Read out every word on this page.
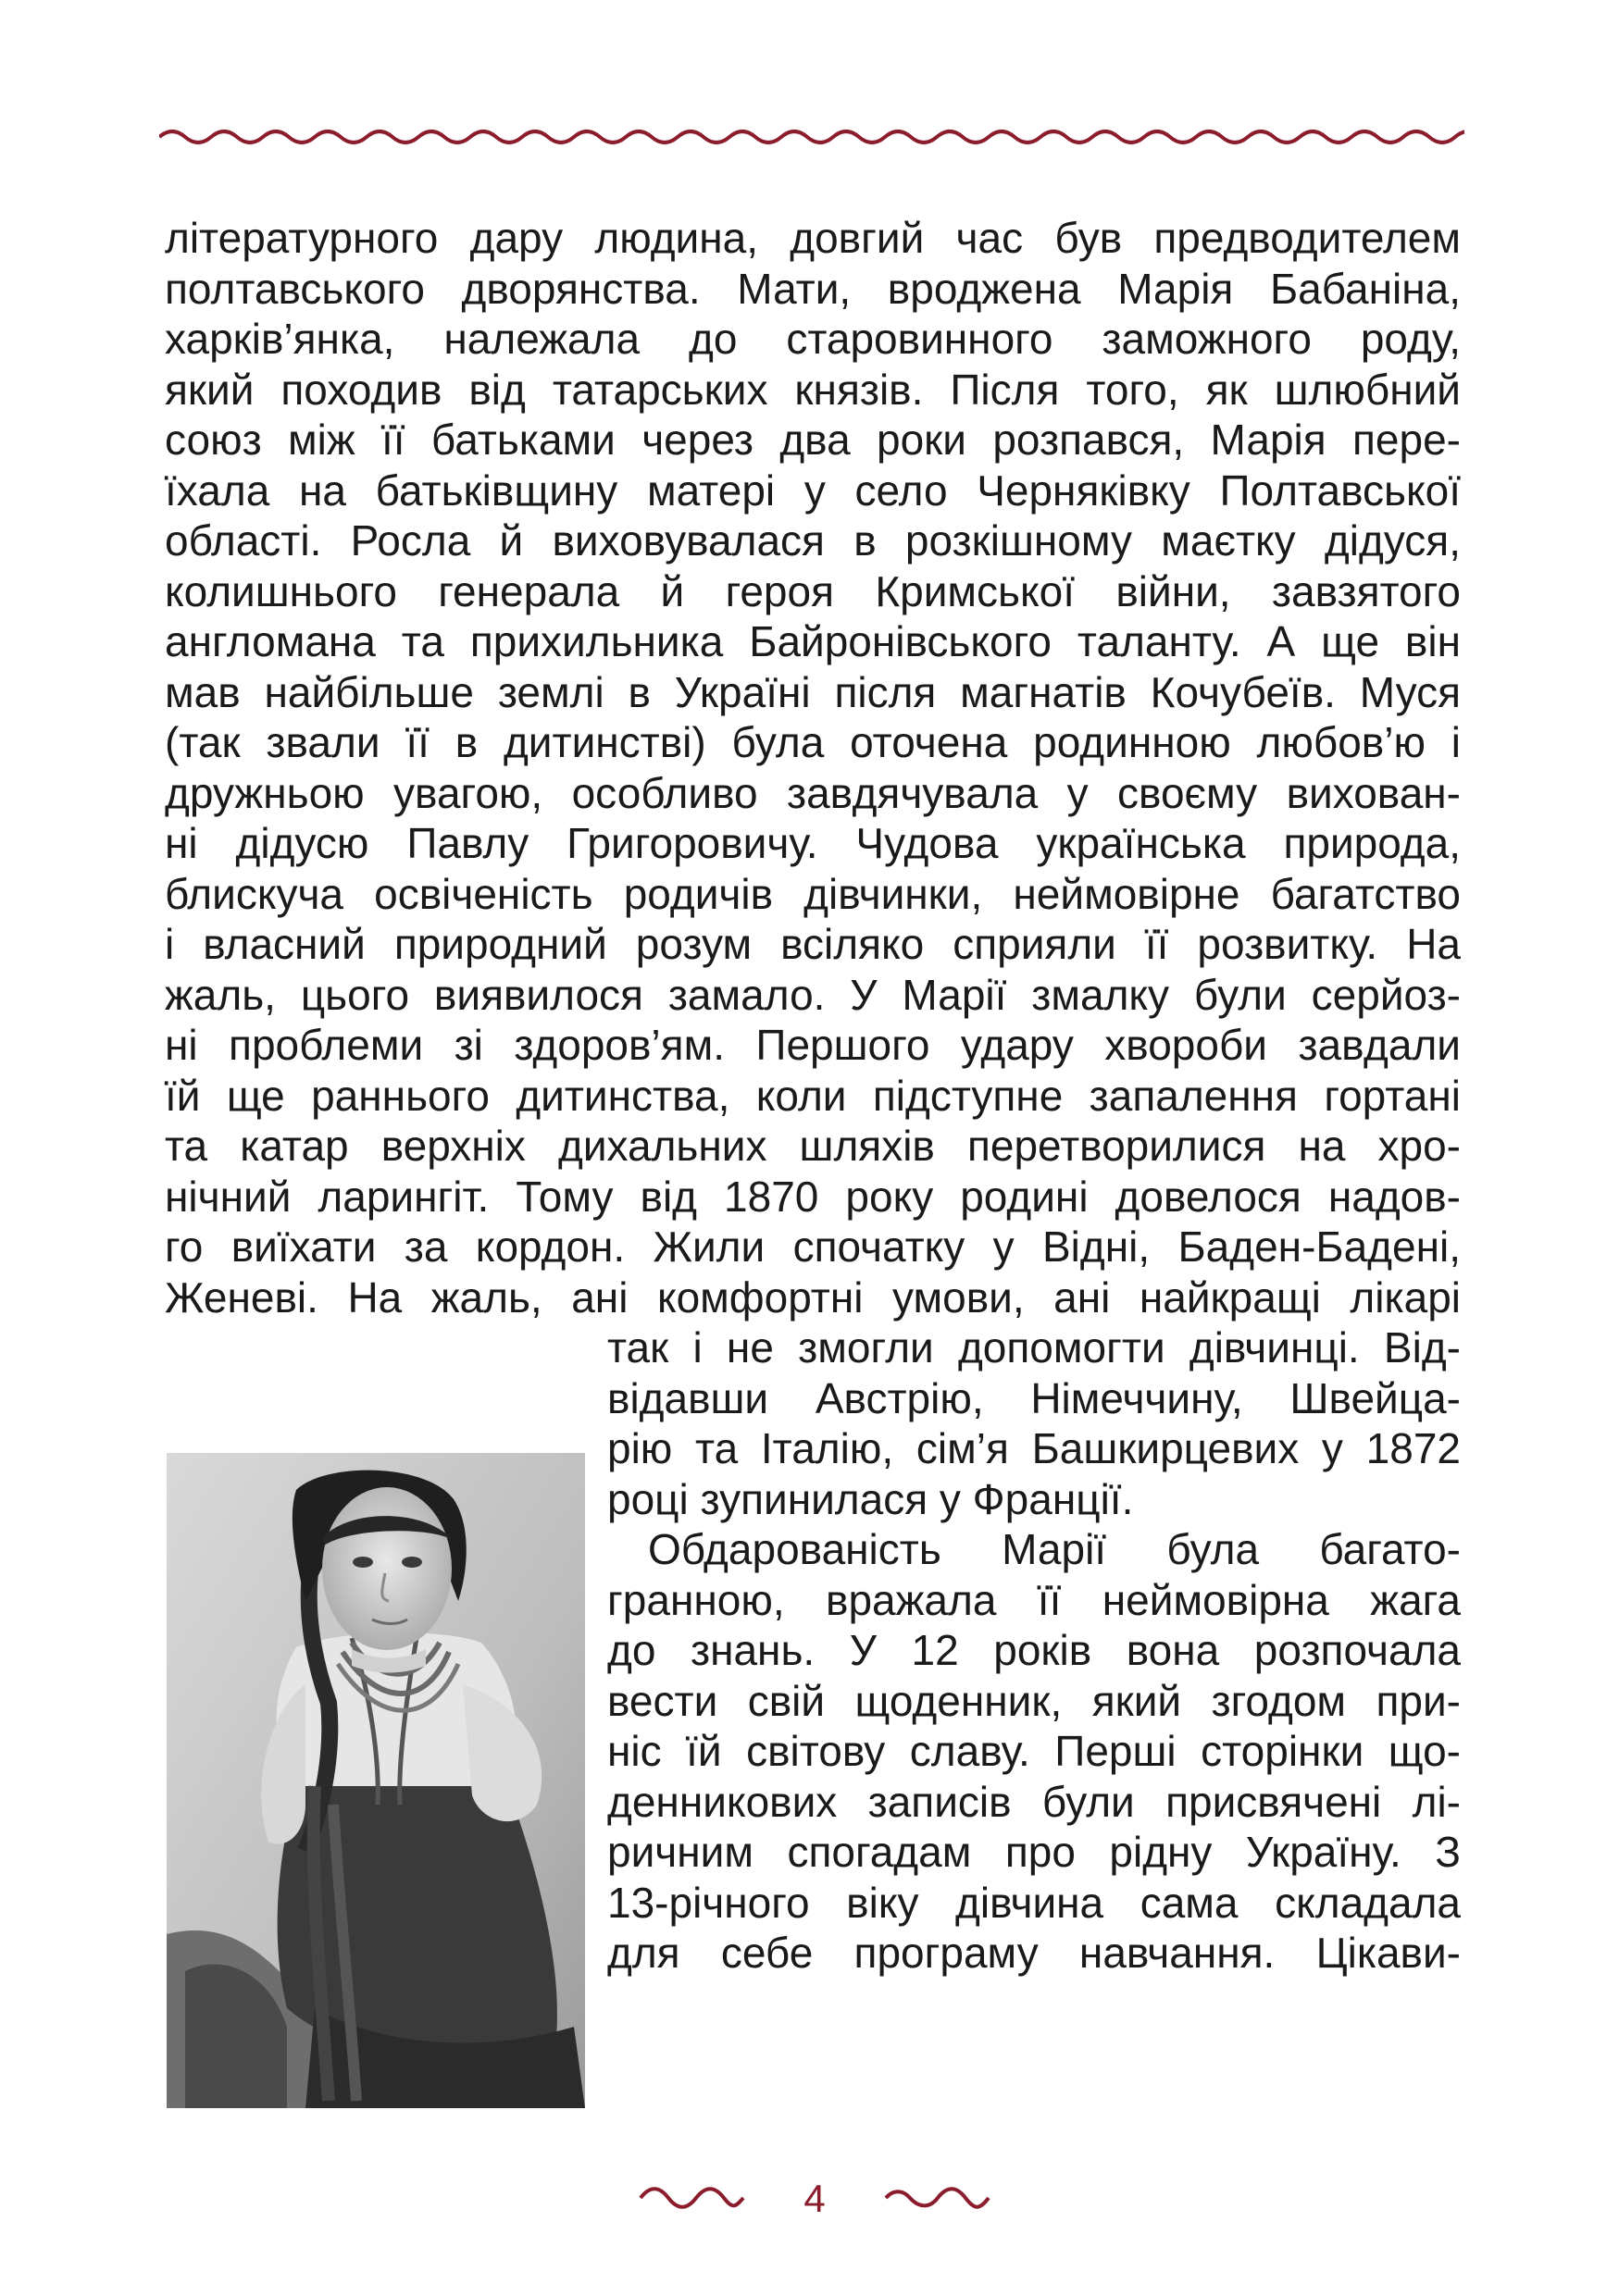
літературного дару людина, довгий час був предводителем
полтавського дворянства. Мати, вроджена Марія Бабаніна,
харків’янка, належала до старовинного заможного роду,
який походив від татарських князів. Після того, як шлюбний
союз між її батьками через два роки розпався, Марія пере-
їхала на батьківщину матері у село Черняківку Полтавської
області. Росла й виховувалася в розкішному маєтку дідуся,
колишнього генерала й героя Кримської війни, завзятого
англомана та прихильника Байронівського таланту. А ще він
мав найбільше землі в Україні після магнатів Кочубеїв. Муся
(так звали її в дитинстві) була оточена родинною любов’ю і
дружньою увагою, особливо завдячувала у своєму вихован-
ні дідусю Павлу Григоровичу. Чудова українська природа,
блискуча освіченість родичів дівчинки, неймовірне багатство
і власний природний розум всіляко сприяли її розвитку. На
жаль, цього виявилося замало. У Марії змалку були серйоз-
ні проблеми зі здоров’ям. Першого удару хвороби завдали
їй ще раннього дитинства, коли підступне запалення гортані
та катар верхніх дихальних шляхів перетворилися на хро-
нічний ларингіт. Тому від 1870 року родині довелося надов-
го виїхати за кордон. Жили спочатку у Відні, Баден-Бадені,
Женеві. На жаль, ані комфортні умови, ані найкращі лікарі
так і не змогли допомогти дівчинці. Від-
відавши Австрію, Німеччину, Швейца-
рію та Італію, сім’я Башкирцевих у 1872
році зупинилася у Франції.
Обдарованість Марії була багато-
гранною, вражала її неймовірна жага
до знань. У 12 років вона розпочала
вести свій щоденник, який згодом при-
ніс їй світову славу. Перші сторінки що-
денникових записів були присвячені лі-
ричним спогадам про рідну Україну. З
13-річного віку дівчина сама складала
для себе програму навчання. Цікави-
4
